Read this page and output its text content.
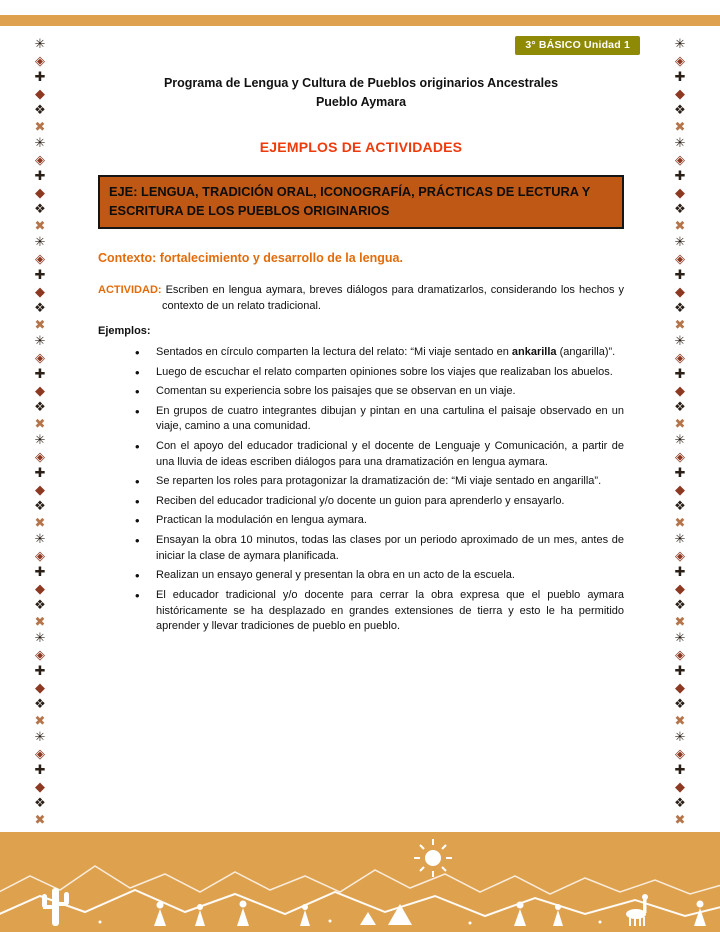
3° BÁSICO Unidad 1
✳
◈
✚
◆
❖
✖
✳
◈
✚
◆
❖
✖
✳
◈
✚
◆
❖
✖
✳
◈
✚
◆
❖
✖
✳
◈
✚
◆
❖
✖
✳
◈
✚
◆
❖
✖
✳
◈
✚
◆
❖
✖
✳
◈
✚
◆
❖
✖
✳
◈
✚
◆
❖
✖
✳
◈
✚
◆
❖
✖
✳
◈
✚
◆
❖
✖
✳
◈
✚
◆
❖
✖
✳
◈
✚
◆
❖
✖
✳
◈
✚
◆
❖
✖
✳
◈
✚
◆
❖
✖
✳
◈
✚
◆
❖
✖
Programa de Lengua y Cultura de Pueblos originarios Ancestrales
Pueblo Aymara
EJEMPLOS DE ACTIVIDADES
EJE: LENGUA, TRADICIÓN ORAL, ICONOGRAFÍA, PRÁCTICAS DE LECTURA Y ESCRITURA DE LOS PUEBLOS ORIGINARIOS
Contexto: fortalecimiento y desarrollo de la lengua.
ACTIVIDAD: Escriben en lengua aymara, breves diálogos para dramatizarlos, considerando los hechos y contexto de un relato tradicional.
Ejemplos:
• Sentados en círculo comparten la lectura del relato: “Mi viaje sentado en ankarilla (angarilla)”.
• Luego de escuchar el relato comparten opiniones sobre los viajes que realizaban los abuelos.
• Comentan su experiencia sobre los paisajes que se observan en un viaje.
• En grupos de cuatro integrantes dibujan y pintan en una cartulina el paisaje observado en un viaje, camino a una comunidad.
• Con el apoyo del educador tradicional y el docente de Lenguaje y Comunicación, a partir de una lluvia de ideas escriben diálogos para una dramatización en lengua aymara.
• Se reparten los roles para protagonizar la dramatización de: “Mi viaje sentado en angarilla”.
• Reciben del educador tradicional y/o docente un guion para aprenderlo y ensayarlo.
• Practican la modulación en lengua aymara.
• Ensayan la obra 10 minutos, todas las clases por un periodo aproximado de un mes, antes de iniciar la clase de aymara planificada.
• Realizan un ensayo general y presentan la obra en un acto de la escuela.
• El educador tradicional y/o docente para cerrar la obra expresa que el pueblo aymara históricamente se ha desplazado en grandes extensiones de tierra y esto le ha permitido aprender y llevar tradiciones de pueblo en pueblo.
